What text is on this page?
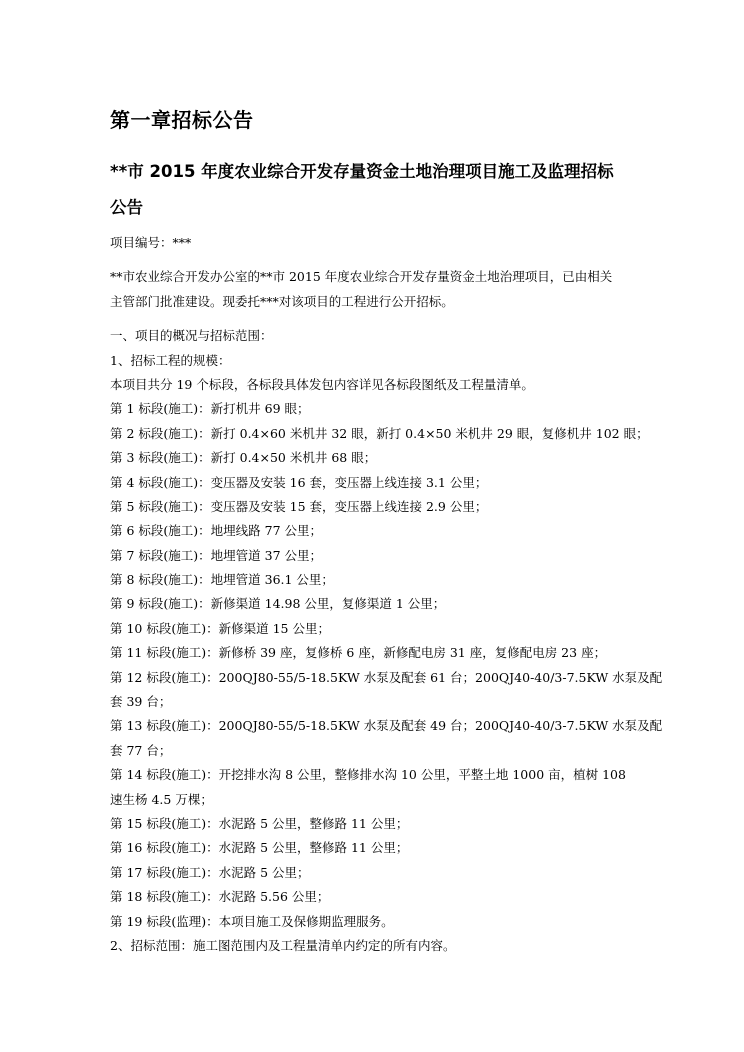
第一章招标公告
**市 2015 年度农业综合开发存量资金土地治理项目施工及监理招标
公告
项目编号：***
**市农业综合开发办公室的**市 2015 年度农业综合开发存量资金土地治理项目，已由相关
主管部门批准建设。现委托***对该项目的工程进行公开招标。
一、项目的概况与招标范围：
1、招标工程的规模：
本项目共分 19 个标段，各标段具体发包内容详见各标段图纸及工程量清单。
第 1 标段(施工)：新打机井 69 眼；
第 2 标段(施工)：新打 0.4×60 米机井 32 眼，新打 0.4×50 米机井 29 眼，复修机井 102 眼；
第 3 标段(施工)：新打 0.4×50 米机井 68 眼；
第 4 标段(施工)：变压器及安装 16 套，变压器上线连接 3.1 公里；
第 5 标段(施工)：变压器及安装 15 套，变压器上线连接 2.9 公里；
第 6 标段(施工)：地埋线路 77 公里；
第 7 标段(施工)：地埋管道 37 公里；
第 8 标段(施工)：地埋管道 36.1 公里；
第 9 标段(施工)：新修渠道 14.98 公里，复修渠道 1 公里；
第 10 标段(施工)：新修渠道 15 公里；
第 11 标段(施工)：新修桥 39 座，复修桥 6 座，新修配电房 31 座，复修配电房 23 座；
第 12 标段(施工)：200QJ80-55/5-18.5KW 水泵及配套 61 台；200QJ40-40/3-7.5KW 水泵及配
套 39 台；
第 13 标段(施工)：200QJ80-55/5-18.5KW 水泵及配套 49 台；200QJ40-40/3-7.5KW 水泵及配
套 77 台；
第 14 标段(施工)：开挖排水沟 8 公里，整修排水沟 10 公里，平整土地 1000 亩，植树 108
速生杨 4.5 万棵；
第 15 标段(施工)：水泥路 5 公里，整修路 11 公里；
第 16 标段(施工)：水泥路 5 公里，整修路 11 公里；
第 17 标段(施工)：水泥路 5 公里；
第 18 标段(施工)：水泥路 5.56 公里；
第 19 标段(监理)：本项目施工及保修期监理服务。
2、招标范围：施工图范围内及工程量清单内约定的所有内容。
